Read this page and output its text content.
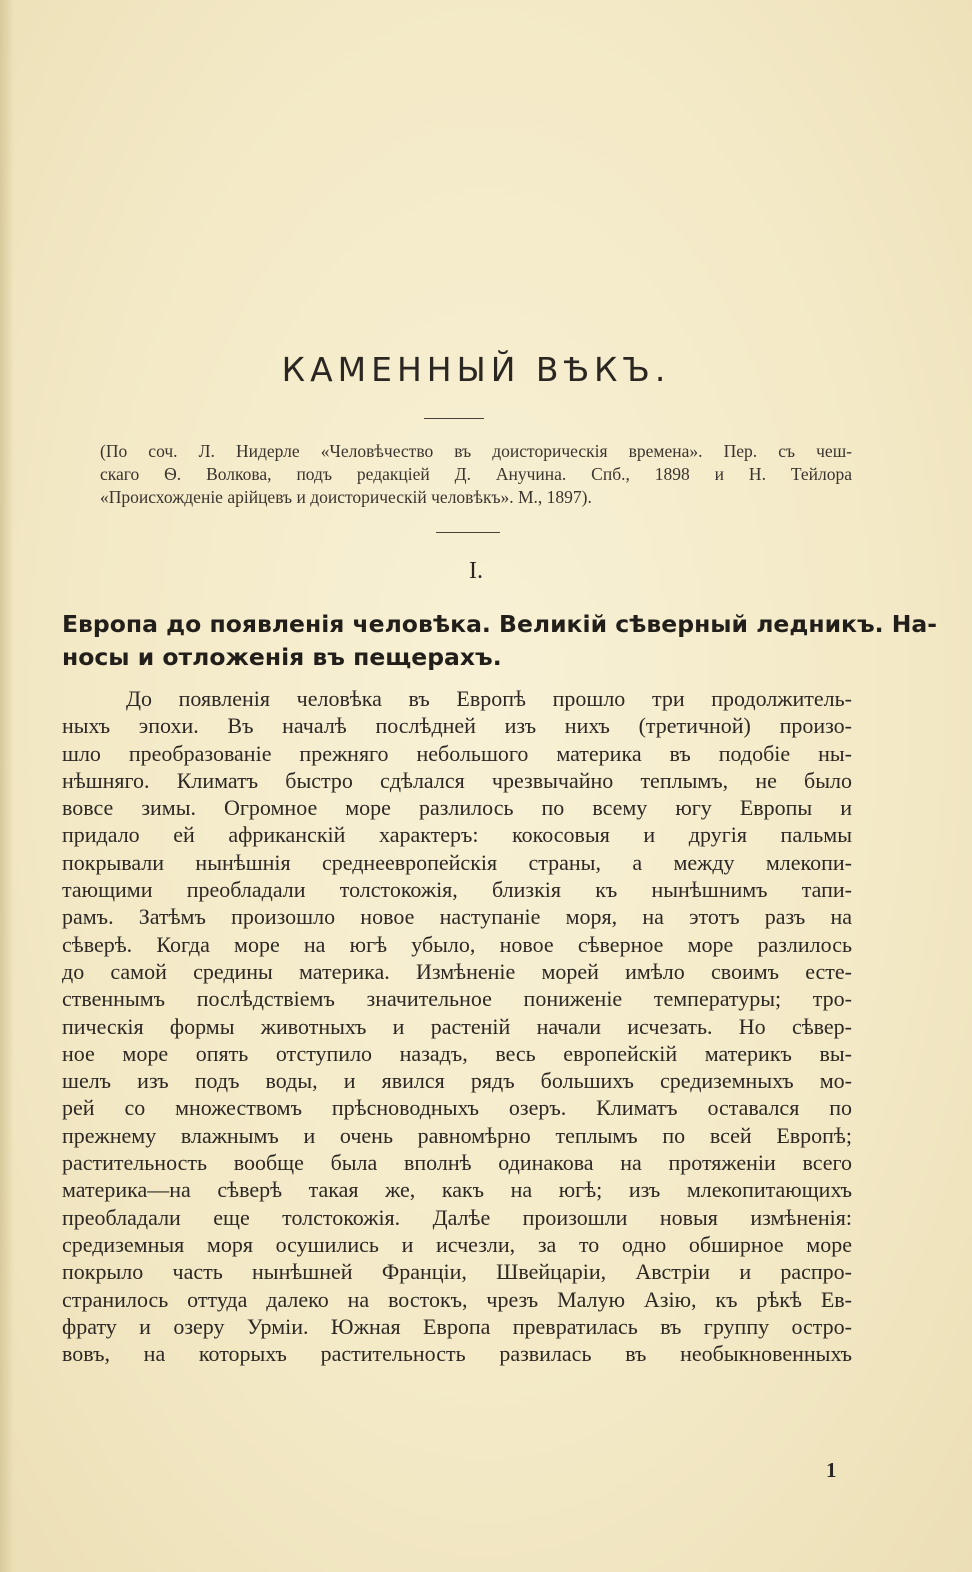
КАМЕННЫЙ ВѢКЪ.
(По соч. Л. Нидерле «Человѣчество въ доисторическія времена». Пер. съ чеш-
скаго Ѳ. Волкова, подъ редакціей Д. Анучина. Спб., 1898 и Н. Тейлора
«Происхожденіе арійцевъ и доисторическій человѣкъ». М., 1897).
I.
Европа до появленія человѣка. Великій сѣверный ледникъ. На-
носы и отложенія въ пещерахъ.
До появленія человѣка въ Европѣ прошло три продолжитель-
ныхъ эпохи. Въ началѣ послѣдней изъ нихъ (третичной) произо-
шло преобразованіе прежняго небольшого материка въ подобіе ны-
нѣшняго. Климатъ быстро сдѣлался чрезвычайно теплымъ, не было
вовсе зимы. Огромное море разлилось по всему югу Европы и
придало ей африканскій характеръ: кокосовыя и другія пальмы
покрывали нынѣшнія среднеевропейскія страны, а между млекопи-
тающими преобладали толстокожія, близкія къ нынѣшнимъ тапи-
рамъ. Затѣмъ произошло новое наступаніе моря, на этотъ разъ на
сѣверѣ. Когда море на югѣ убыло, новое сѣверное море разлилось
до самой средины материка. Измѣненіе морей имѣло своимъ есте-
ственнымъ послѣдствіемъ значительное пониженіе температуры; тро-
пическія формы животныхъ и растеній начали исчезать. Но сѣвер-
ное море опять отступило назадъ, весь европейскій материкъ вы-
шелъ изъ подъ воды, и явился рядъ большихъ средиземныхъ мо-
рей со множествомъ прѣсноводныхъ озеръ. Климатъ оставался по
прежнему влажнымъ и очень равномѣрно теплымъ по всей Европѣ;
растительность вообще была вполнѣ одинакова на протяженіи всего
материка—на сѣверѣ такая же, какъ на югѣ; изъ млекопитающихъ
преобладали еще толстокожія. Далѣе произошли новыя измѣненія:
средиземныя моря осушились и исчезли, за то одно обширное море
покрыло часть нынѣшней Франціи, Швейцаріи, Австріи и распро-
странилось оттуда далеко на востокъ, чрезъ Малую Азію, къ рѣкѣ Ев-
фрату и озеру Урміи. Южная Европа превратилась въ группу остро-
вовъ, на которыхъ растительность развилась въ необыкновенныхъ
1
